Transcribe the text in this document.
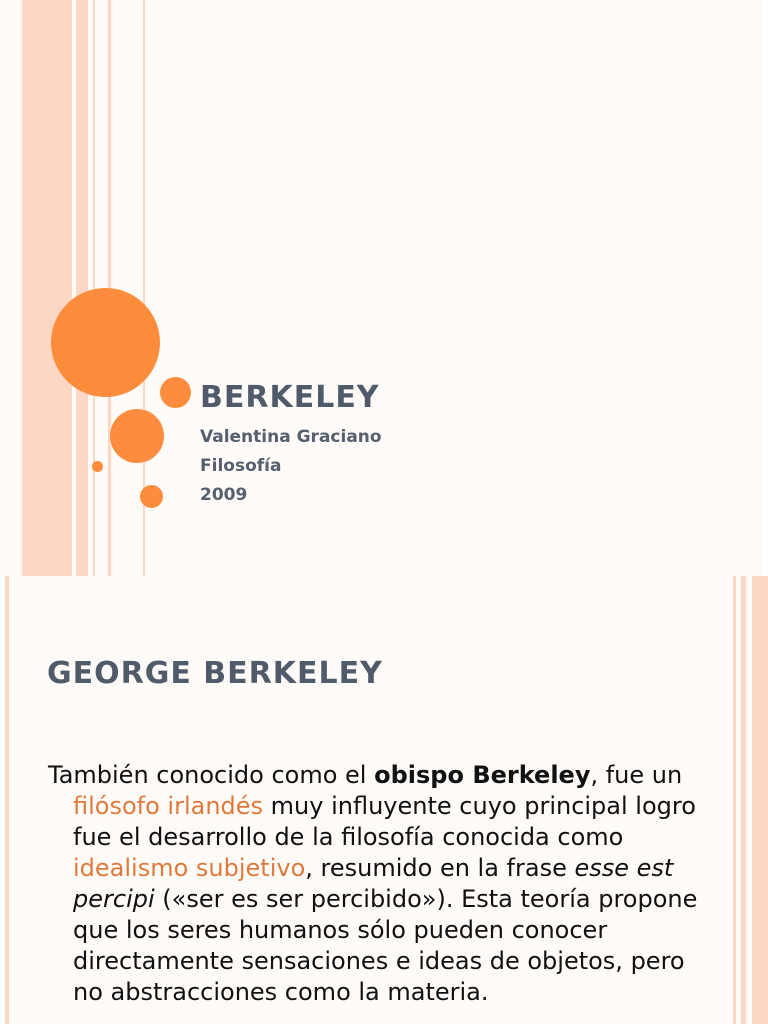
BERKELEY
Valentina Graciano
Filosofía
2009
GEORGE BERKELEY
También conocido como el obispo Berkeley, fue un filósofo irlandés muy influyente cuyo principal logro fue el desarrollo de la filosofía conocida como idealismo subjetivo, resumido en la frase esse est percipi («ser es ser percibido»). Esta teoría propone que los seres humanos sólo pueden conocer directamente sensaciones e ideas de objetos, pero no abstracciones como la materia.
